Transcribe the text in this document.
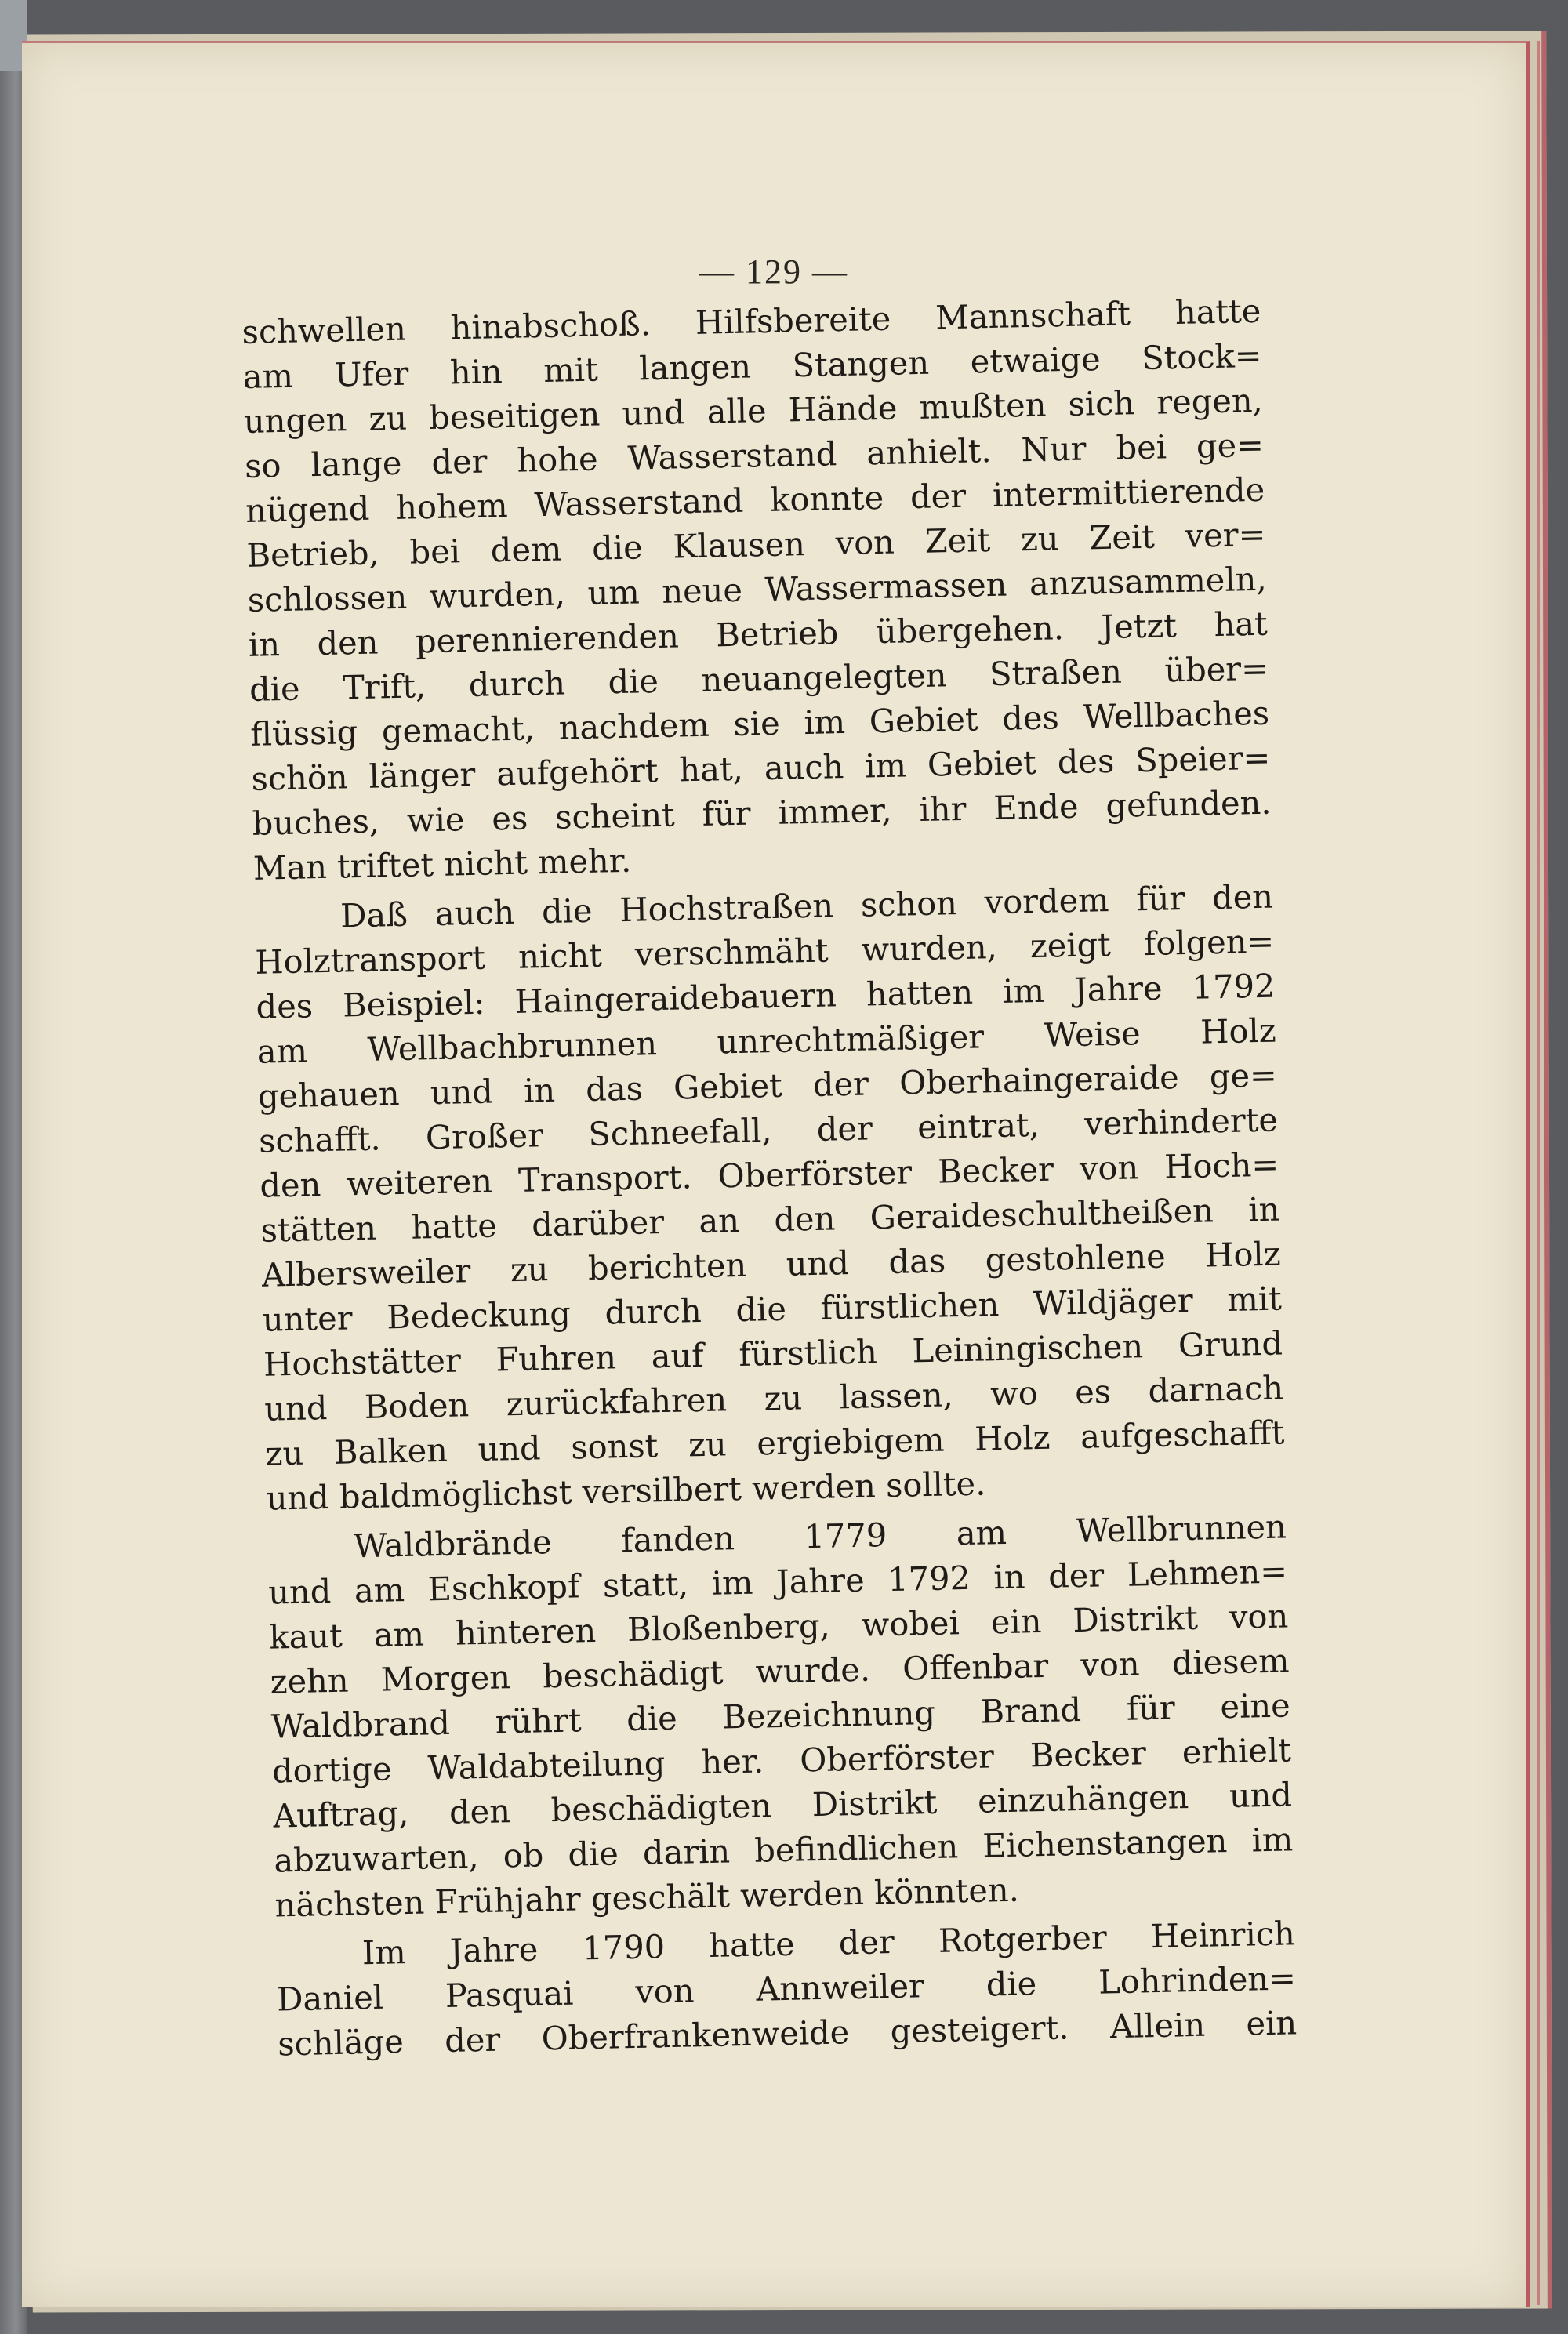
— 129 —
schwellen hinabschoß. Hilfsbereite Mannschaft hatte
am Ufer hin mit langen Stangen etwaige Stock=
ungen zu beseitigen und alle Hände mußten sich regen,
so lange der hohe Wasserstand anhielt. Nur bei ge=
nügend hohem Wasserstand konnte der intermittierende
Betrieb, bei dem die Klausen von Zeit zu Zeit ver=
schlossen wurden, um neue Wassermassen anzusammeln,
in den perennierenden Betrieb übergehen. Jetzt hat
die Trift, durch die neuangelegten Straßen über=
flüssig gemacht, nachdem sie im Gebiet des Wellbaches
schön länger aufgehört hat, auch im Gebiet des Speier=
buches, wie es scheint für immer, ihr Ende gefunden.
Man triftet nicht mehr.
Daß auch die Hochstraßen schon vordem für den
Holztransport nicht verschmäht wurden, zeigt folgen=
des Beispiel: Haingeraidebauern hatten im Jahre 1792
am Wellbachbrunnen unrechtmäßiger Weise Holz
gehauen und in das Gebiet der Oberhaingeraide ge=
schafft. Großer Schneefall, der eintrat, verhinderte
den weiteren Transport. Oberförster Becker von Hoch=
stätten hatte darüber an den Geraideschultheißen in
Albersweiler zu berichten und das gestohlene Holz
unter Bedeckung durch die fürstlichen Wildjäger mit
Hochstätter Fuhren auf fürstlich Leiningischen Grund
und Boden zurückfahren zu lassen, wo es darnach
zu Balken und sonst zu ergiebigem Holz aufgeschafft
und baldmöglichst versilbert werden sollte.
Waldbrände fanden 1779 am Wellbrunnen
und am Eschkopf statt, im Jahre 1792 in der Lehmen=
kaut am hinteren Bloßenberg, wobei ein Distrikt von
zehn Morgen beschädigt wurde. Offenbar von diesem
Waldbrand rührt die Bezeichnung Brand für eine
dortige Waldabteilung her. Oberförster Becker erhielt
Auftrag, den beschädigten Distrikt einzuhängen und
abzuwarten, ob die darin befindlichen Eichenstangen im
nächsten Frühjahr geschält werden könnten.
Im Jahre 1790 hatte der Rotgerber Heinrich
Daniel Pasquai von Annweiler die Lohrinden=
schläge der Oberfrankenweide gesteigert. Allein ein
